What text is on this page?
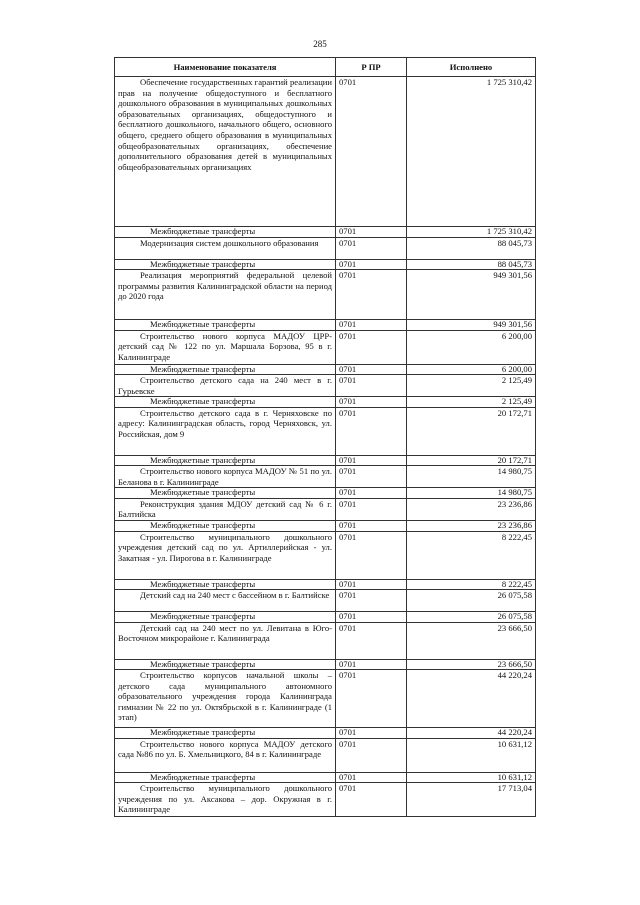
285
Наименование показателя	Р ПР	Исполнено
Обеспечение государственных гарантий реализации прав на получение общедоступного и бесплатного дошкольного образования в муниципальных дошкольных образовательных организациях, общедоступного и бесплатного дошкольного, начального общего, основного общего, среднего общего образования в муниципальных общеобразовательных организациях, обеспечение дополнительного образования детей в муниципальных общеобразовательных организациях	0701	1 725 310,42
Межбюджетные трансферты	0701	1 725 310,42
Модернизация систем дошкольного образования	0701	88 045,73
Межбюджетные трансферты	0701	88 045,73
Реализация мероприятий федеральной целевой программы развития Калининградской области на период до 2020 года	0701	949 301,56
Межбюджетные трансферты	0701	949 301,56
Строительство нового корпуса МАДОУ ЦРР-детский сад № 122 по ул. Маршала Борзова, 95 в г. Калининграде	0701	6 200,00
Межбюджетные трансферты	0701	6 200,00
Строительство детского сада на 240 мест в г. Гурьевске	0701	2 125,49
Межбюджетные трансферты	0701	2 125,49
Строительство детского сада в г. Черняховске по адресу: Калининградская область, город Черняховск, ул. Российская, дом 9	0701	20 172,71
Межбюджетные трансферты	0701	20 172,71
Строительство нового корпуса МАДОУ № 51 по ул. Беланова в г. Калининграде	0701	14 980,75
Межбюджетные трансферты	0701	14 980,75
Реконструкция здания МДОУ детский сад № 6 г. Балтийска	0701	23 236,86
Межбюджетные трансферты	0701	23 236,86
Строительство муниципального дошкольного учреждения детский сад по ул. Артиллерийская - ул. Закатная - ул. Пирогова в г. Калининграде	0701	8 222,45
Межбюджетные трансферты	0701	8 222,45
Детский сад на 240 мест с бассейном в г. Балтийске	0701	26 075,58
Межбюджетные трансферты	0701	26 075,58
Детский сад на 240 мест по ул. Левитана в Юго-Восточном микрорайоне г. Калининграда	0701	23 666,50
Межбюджетные трансферты	0701	23 666,50
Строительство корпусов начальной школы – детского сада муниципального автономного образовательного учреждения города Калининграда гимназии № 22 по ул. Октябрьской в г. Калининграде (1 этап)	0701	44 220,24
Межбюджетные трансферты	0701	44 220,24
Строительство нового корпуса МАДОУ детского сада №86 по ул. Б. Хмельницкого, 84 в г. Калининграде	0701	10 631,12
Межбюджетные трансферты	0701	10 631,12
Строительство муниципального дошкольного учреждения по ул. Аксакова – дор. Окружная в г. Калининграде	0701	17 713,04
